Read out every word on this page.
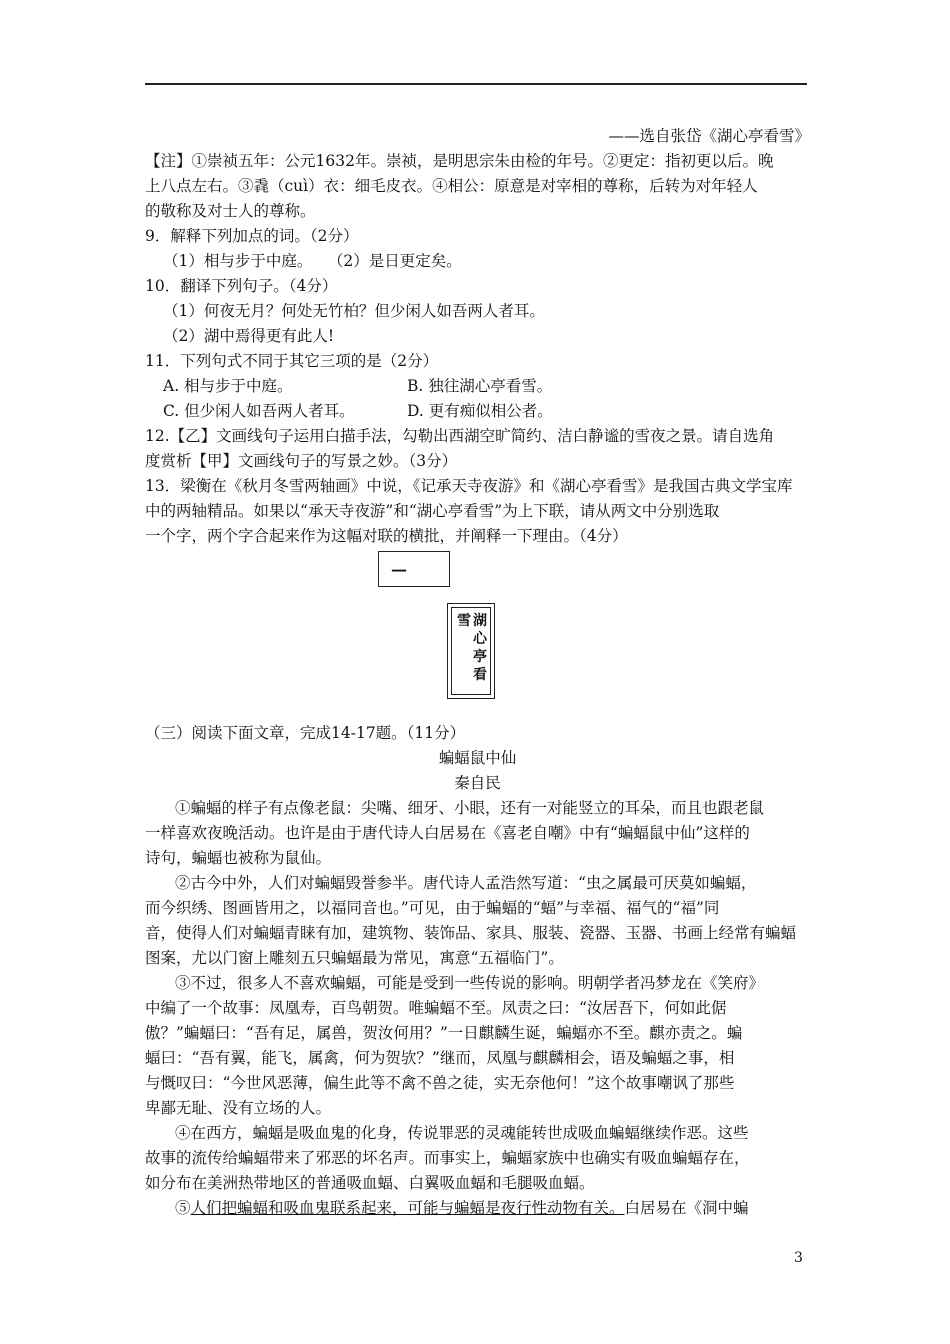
——选自张岱《湖心亭看雪》
【注】①崇祯五年：公元1632年。崇祯，是明思宗朱由检的年号。②更定：指初更以后。晚
上八点左右。③毳（cuì）衣：细毛皮衣。④相公：原意是对宰相的尊称，后转为对年轻人
的敬称及对士人的尊称。
9．解释下列加点的词。（2分）
（1）相与步于中庭。　　（2）是日更定矣。
10．翻译下列句子。（4分）
（1）何夜无月？何处无竹柏？但少闲人如吾两人者耳。
（2）湖中焉得更有此人!
11．下列句式不同于其它三项的是（2分）
A. 相与步于中庭。	B. 独往湖心亭看雪。
C. 但少闲人如吾两人者耳。	D. 更有痴似相公者。
12.【乙】文画线句子运用白描手法，勾勒出西湖空旷简约、洁白静谧的雪夜之景。请自选角
度赏析【甲】文画线句子的写景之妙。（3分）
13．梁衡在《秋月冬雪两轴画》中说，《记承天寺夜游》和《湖心亭看雪》是我国古典文学宝库
中的两轴精品。如果以“承天寺夜游”和“湖心亭看雪”为上下联，请从两文中分别选取
一个字，两个字合起来作为这幅对联的横批，并阐释一下理由。（4分）
—
雪 湖
心
亭
看
（三）阅读下面文章，完成14-17题。（11分）
蝙蝠鼠中仙
秦自民
①蝙蝠的样子有点像老鼠：尖嘴、细牙、小眼，还有一对能竖立的耳朵，而且也跟老鼠
一样喜欢夜晚活动。也许是由于唐代诗人白居易在《喜老自嘲》中有“蝙蝠鼠中仙”这样的
诗句，蝙蝠也被称为鼠仙。
②古今中外，人们对蝙蝠毁誉参半。唐代诗人孟浩然写道：“虫之属最可厌莫如蝙蝠，
而今织绣、图画皆用之，以福同音也。”可见，由于蝙蝠的“蝠”与幸福、福气的“福”同
音，使得人们对蝙蝠青睐有加，建筑物、装饰品、家具、服装、瓷器、玉器、书画上经常有蝙蝠
图案，尤以门窗上雕刻五只蝙蝠最为常见，寓意“五福临门”。
③不过，很多人不喜欢蝙蝠，可能是受到一些传说的影响。明朝学者冯梦龙在《笑府》
中编了一个故事：凤凰寿，百鸟朝贺。唯蝙蝠不至。凤责之曰：“汝居吾下，何如此倨
傲？”蝙蝠曰：“吾有足，属兽，贺汝何用？”一日麒麟生诞，蝙蝠亦不至。麒亦责之。蝙
蝠曰：“吾有翼，能飞，属禽，何为贺欤？”继而，凤凰与麒麟相会，语及蝙蝠之事，相
与慨叹曰：“今世风恶薄，偏生此等不禽不兽之徒，实无奈他何！”这个故事嘲讽了那些
卑鄙无耻、没有立场的人。
④在西方，蝙蝠是吸血鬼的化身，传说罪恶的灵魂能转世成吸血蝙蝠继续作恶。这些
故事的流传给蝙蝠带来了邪恶的坏名声。而事实上，蝙蝠家族中也确实有吸血蝙蝠存在，
如分布在美洲热带地区的普通吸血蝠、白翼吸血蝠和毛腿吸血蝠。
⑤人们把蝙蝠和吸血鬼联系起来，可能与蝙蝠是夜行性动物有关。白居易在《洞中蝙
3
